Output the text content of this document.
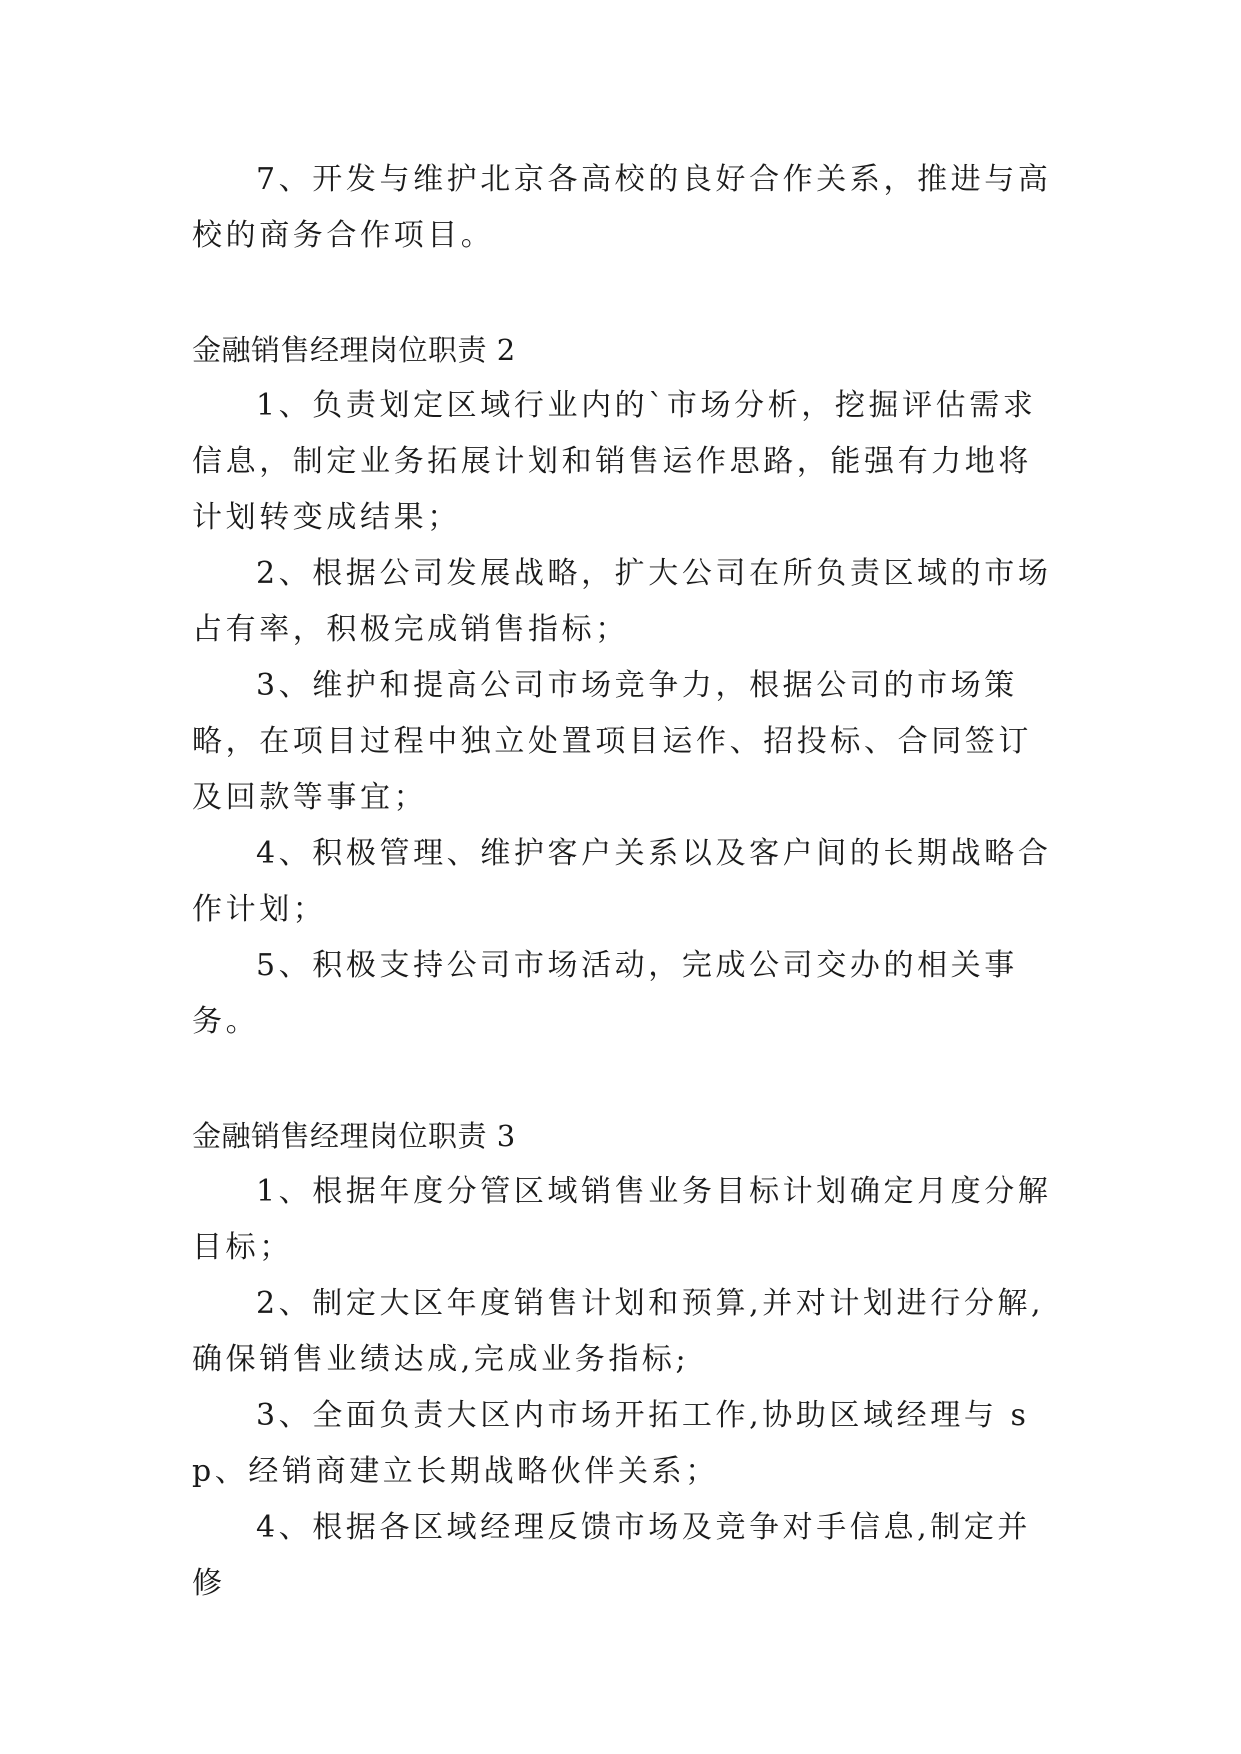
7、开发与维护北京各高校的良好合作关系，推进与高校的商务合作项目。

金融销售经理岗位职责 2

1、负责划定区域行业内的`市场分析，挖掘评估需求信息，制定业务拓展计划和销售运作思路，能强有力地将计划转变成结果；

2、根据公司发展战略，扩大公司在所负责区域的市场占有率，积极完成销售指标；

3、维护和提高公司市场竞争力，根据公司的市场策略，在项目过程中独立处置项目运作、招投标、合同签订及回款等事宜；

4、积极管理、维护客户关系以及客户间的长期战略合作计划；

5、积极支持公司市场活动，完成公司交办的相关事务。

金融销售经理岗位职责 3

1、根据年度分管区域销售业务目标计划确定月度分解目标；

2、制定大区年度销售计划和预算,并对计划进行分解,确保销售业绩达成,完成业务指标;

3、全面负责大区内市场开拓工作,协助区域经理与 sp、经销商建立长期战略伙伴关系；

4、根据各区域经理反馈市场及竞争对手信息,制定并修
